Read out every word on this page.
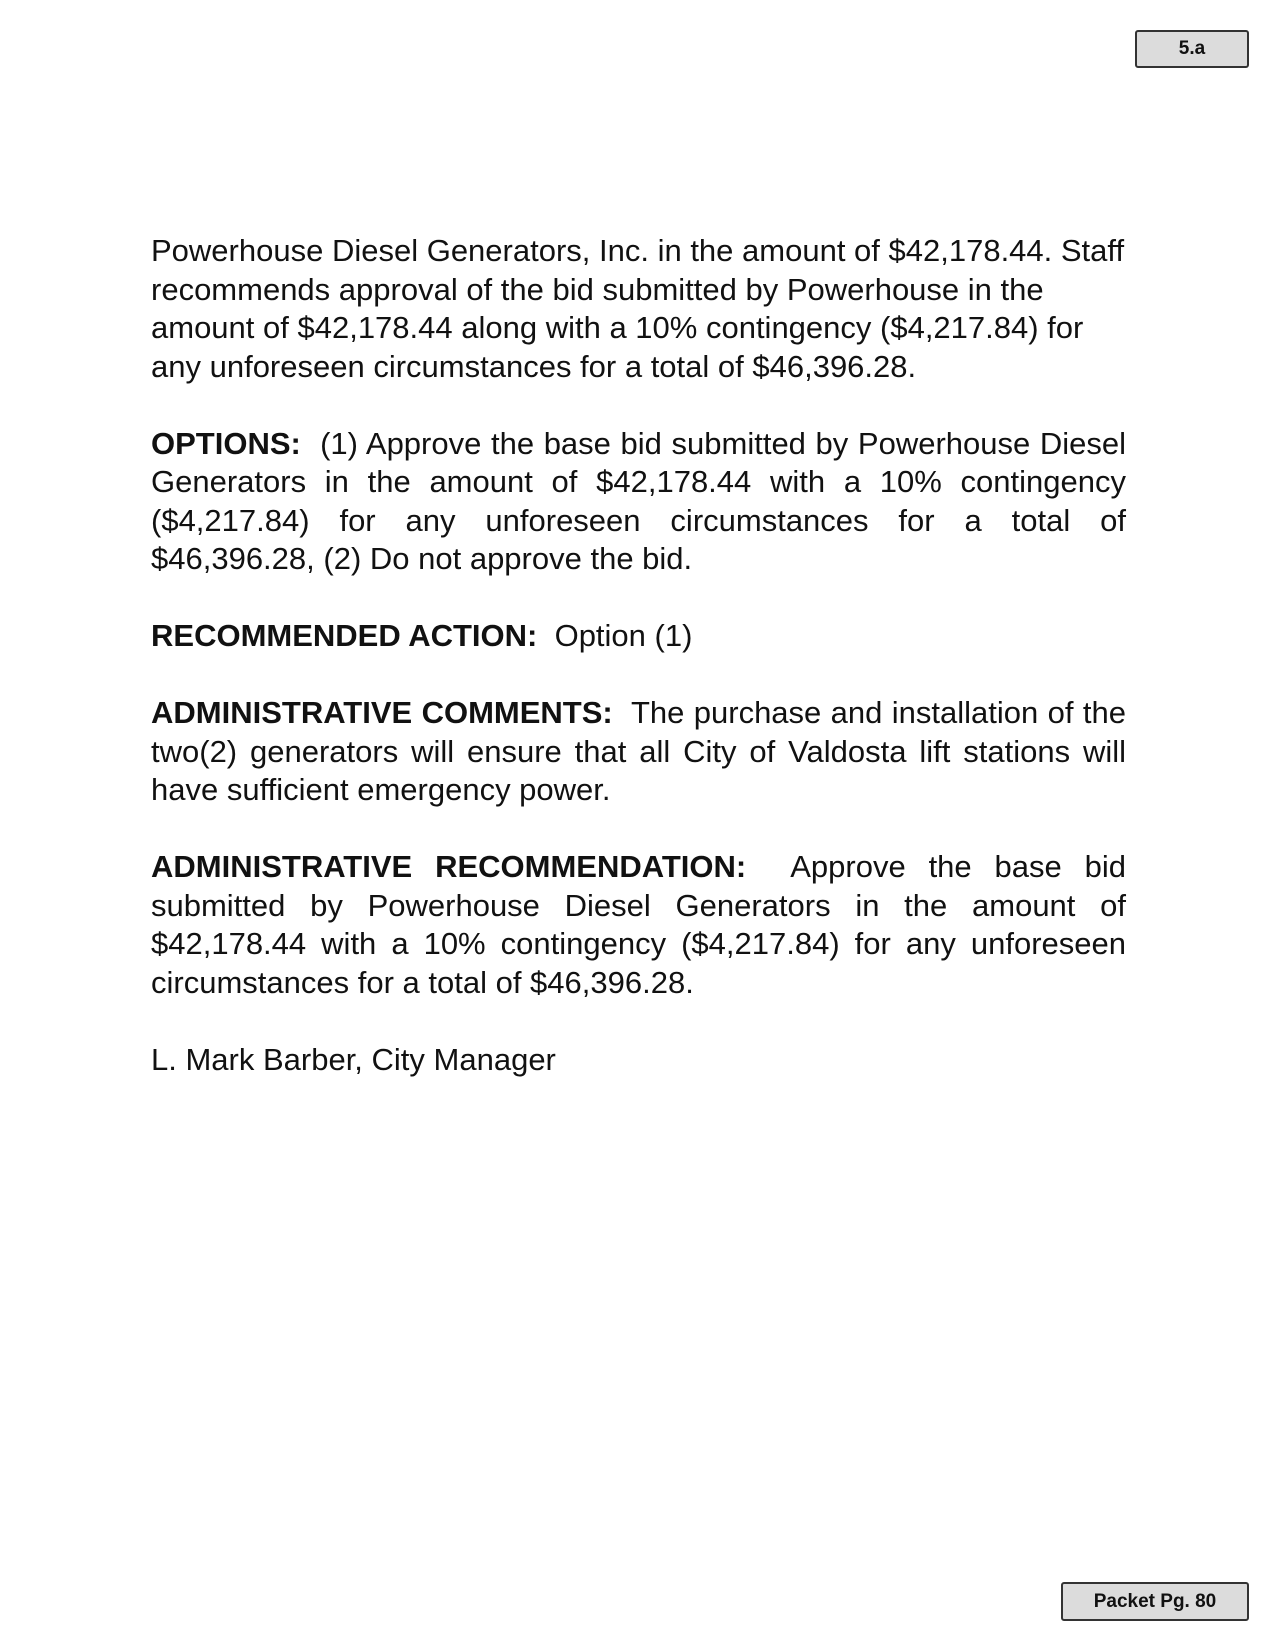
5.a

Powerhouse Diesel Generators, Inc. in the amount of $42,178.44. Staff recommends approval of the bid submitted by Powerhouse in the amount of $42,178.44 along with a 10% contingency ($4,217.84) for any unforeseen circumstances for a total of $46,396.28.

OPTIONS: (1) Approve the base bid submitted by Powerhouse Diesel Generators in the amount of $42,178.44 with a 10% contingency ($4,217.84) for any unforeseen circumstances for a total of $46,396.28, (2) Do not approve the bid.

RECOMMENDED ACTION: Option (1)

ADMINISTRATIVE COMMENTS: The purchase and installation of the two(2) generators will ensure that all City of Valdosta lift stations will have sufficient emergency power.

ADMINISTRATIVE RECOMMENDATION: Approve the base bid submitted by Powerhouse Diesel Generators in the amount of $42,178.44 with a 10% contingency ($4,217.84) for any unforeseen circumstances for a total of $46,396.28.

L. Mark Barber, City Manager

Packet Pg. 80
